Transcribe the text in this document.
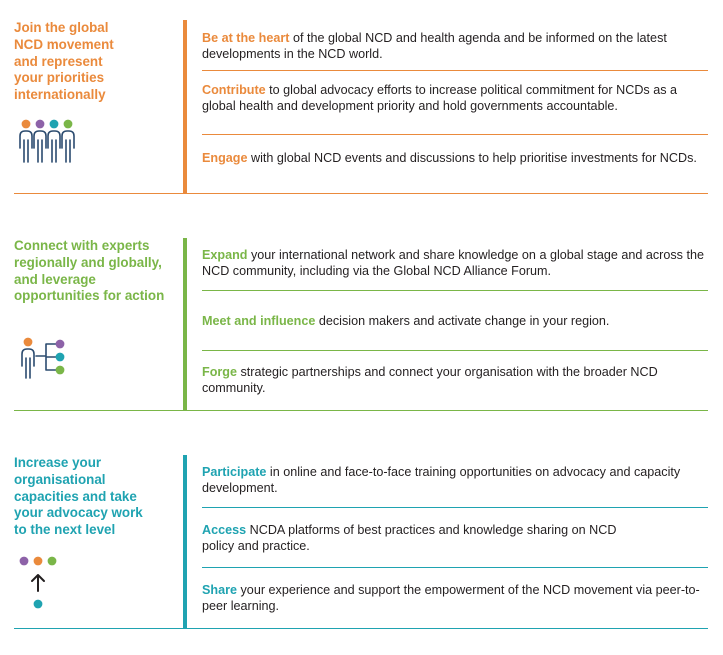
Join the global NCD movement and represent your priorities internationally
Be at the heart of the global NCD and health agenda and be informed on the latest developments in the NCD world.
Contribute to global advocacy efforts to increase political commitment for NCDs as a global health and development priority and hold governments accountable.
Engage with global NCD events and discussions to help prioritise investments for NCDs.
Connect with experts regionally and globally, and leverage opportunities for action
Expand your international network and share knowledge on a global stage and across the NCD community, including via the Global NCD Alliance Forum.
Meet and influence decision makers and activate change in your region.
Forge strategic partnerships and connect your organisation with the broader NCD community.
Increase your organisational capacities and take your advocacy work to the next level
Participate in online and face-to-face training opportunities on advocacy and capacity development.
Access NCDA platforms of best practices and knowledge sharing on NCD policy and practice.
Share your experience and support the empowerment of the NCD movement via peer-to-peer learning.
